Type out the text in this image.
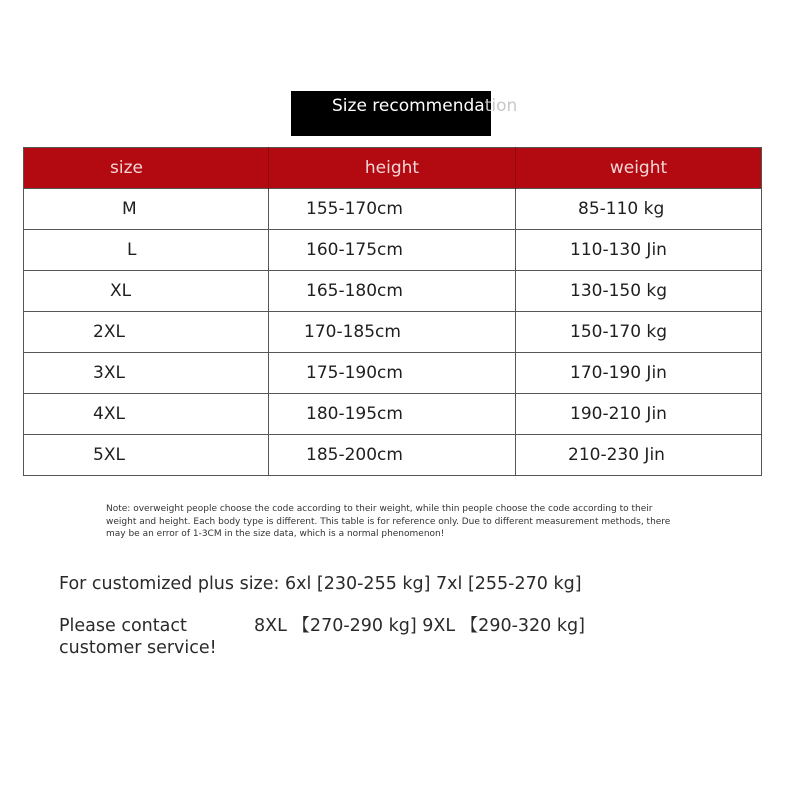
Size recommendation
size	height	weight
M	155-170cm	85-110 kg
L	160-175cm	110-130 Jin
XL	165-180cm	130-150 kg
2XL	170-185cm	150-170 kg
3XL	175-190cm	170-190 Jin
4XL	180-195cm	190-210 Jin
5XL	185-200cm	210-230 Jin
Note: overweight people choose the code according to their weight, while thin people choose the code according to their weight and height. Each body type is different. This table is for reference only. Due to different measurement methods, there may be an error of 1-3CM in the size data, which is a normal phenomenon!
For customized plus size: 6xl [230-255 kg] 7xl [255-270 kg]
Please contact customer service!
8XL 【270-290 kg] 9XL 【290-320 kg]
